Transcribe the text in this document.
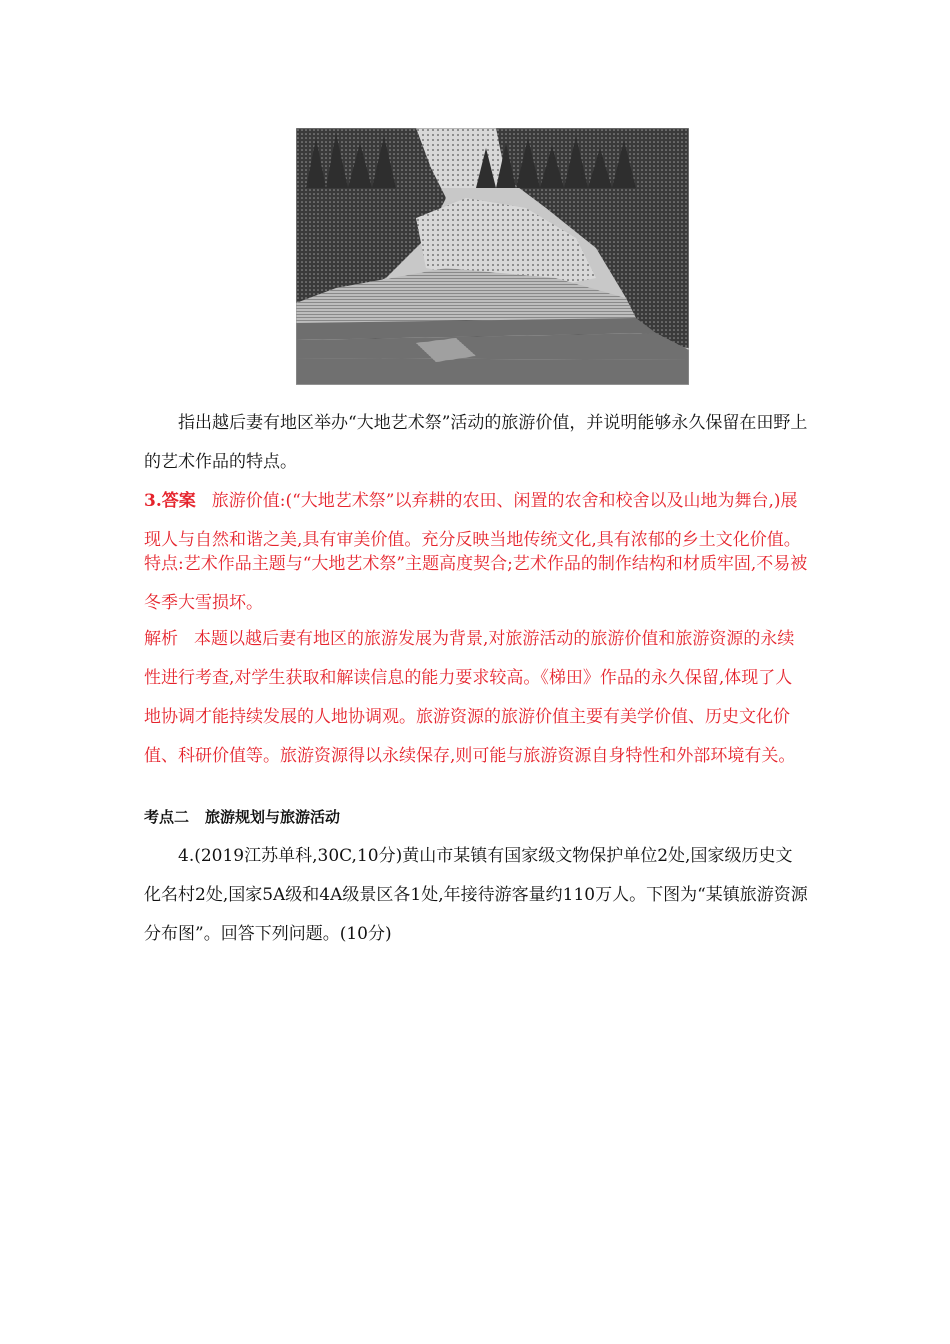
指出越后妻有地区举办“大地艺术祭”活动的旅游价值，并说明能够永久保留在田野上的艺术作品的特点。

3.答案 旅游价值:(“大地艺术祭”以弃耕的农田、闲置的农舍和校舍以及山地为舞台,)展现人与自然和谐之美,具有审美价值。充分反映当地传统文化,具有浓郁的乡土文化价值。

特点:艺术作品主题与“大地艺术祭”主题高度契合;艺术作品的制作结构和材质牢固,不易被冬季大雪损坏。

解析 本题以越后妻有地区的旅游发展为背景,对旅游活动的旅游价值和旅游资源的永续性进行考查,对学生获取和解读信息的能力要求较高。《梯田》作品的永久保留,体现了人地协调才能持续发展的人地协调观。旅游资源的旅游价值主要有美学价值、历史文化价值、科研价值等。旅游资源得以永续保存,则可能与旅游资源自身特性和外部环境有关。

考点二 旅游规划与旅游活动

4.(2019江苏单科,30C,10分)黄山市某镇有国家级文物保护单位2处,国家级历史文化名村2处,国家5A级和4A级景区各1处,年接待游客量约110万人。下图为“某镇旅游资源分布图”。回答下列问题。(10分)
